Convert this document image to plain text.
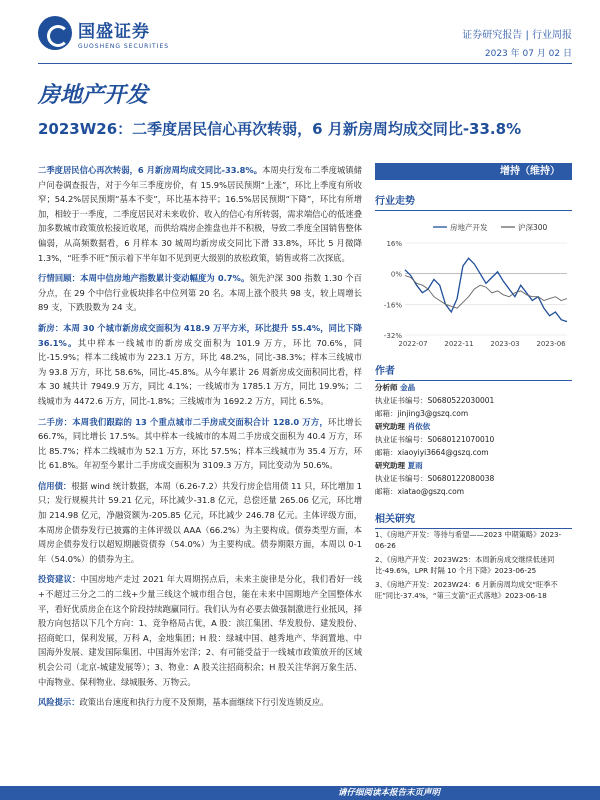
国盛证券
GUOSHENG SECURITIES
证券研究报告 | 行业周报
2023 年 07 月 02 日
房地产开发
2023W26：二季度居民信心再次转弱，6 月新房周均成交同比-33.8%

二季度居民信心再次转弱，6 月新房周均成交同比-33.8%。本周央行发布二季度城镇储户问卷调查报告，对于今年三季度房价，有 15.9%居民预期“上涨”，环比上季度有所收窄；54.2%居民预期“基本不变”，环比基本持平；16.5%居民预期“下降”，环比有所增加，相较于一季度，二季度居民对未来收价、收入的信心有所转弱，需求端信心的低迷叠加多数城市政策放松接近收尾，而供给端房企推盘也并不积极，导致二季度全国销售整体偏弱，从高频数据看，6 月样本 30 城周均新房成交同比下滑 33.8%，环比 5 月微降 1.3%，“旺季不旺”预示着下半年如不见到更大级别的放松政策，销售或将二次探底。

行情回顾：本周中信房地产指数累计变动幅度为 0.7%。领先沪深 300 指数 1.30 个百分点，在 29 个中信行业板块排名中位列第 20 名。本周上涨个股共 98 支，较上周增长 89 支，下跌股数为 24 支。

新房：本周 30 个城市新房成交面积为 418.9 万平方米，环比提升 55.4%，同比下降 36.1%。其中样本一线城市的新房成交面积为 101.9 万方，环比 70.6%，同比-15.9%；样本二线城市为 223.1 万方，环比 48.2%，同比-38.3%；样本三线城市为 93.8 万方，环比 58.6%，同比-45.8%。从今年累计 26 周新房成交面积同比看，样本 30 城共计 7949.9 万方，同比 4.1%；一线城市为 1785.1 万方，同比 19.9%；二线城市为 4472.6 万方，同比-1.8%；三线城市为 1692.2 万方，同比 6.5%。

二手房：本周我们跟踪的 13 个重点城市二手房成交面积合计 128.0 万方，环比增长 66.7%，同比增长 17.5%。其中样本一线城市的本周二手房成交面积为 40.4 万方，环比 85.7%；样本二线城市为 52.1 万方，环比 57.5%；样本三线城市为 35.4 万方，环比 61.8%。年初至今累计二手房成交面积为 3109.3 万方，同比变动为 50.6%。

信用债：根据 wind 统计数据，本周（6.26-7.2）共发行房企信用债 11 只，环比增加 1 只；发行规模共计 59.21 亿元，环比减少-31.8 亿元，总偿还量 265.06 亿元，环比增加 214.98 亿元，净融资额为-205.85 亿元，环比减少 246.78 亿元。主体评级方面，本周房企债券发行已披露的主体评级以 AAA（66.2%）为主要构成。债券类型方面，本周房企债券发行以超短期融资债券（54.0%）为主要构成。债券期限方面，本周以 0-1 年（54.0%）的债券为主。

投资建议：中国房地产走过 2021 年大周期拐点后，未来主旋律是分化，我们看好一线+不超过三分之二的二线+少量三线这个城市组合包，能在未来中国期地产全国整体水平，看好优质房企在这个阶段持续跑赢同行。我们认为有必要去做强制激进行业抵风，择股方向包括以下几个方向：1、竞争格局占优，A 股：滨江集团、华发股份、建发股份、招商蛇口，保利发展，万科 A，金地集团；H 股：绿城中国、越秀地产、华润置地、中国海外发展、建发国际集团、中国海外宏洋；2、有可能受益于一线城市政策放开的区域机会公司（北京-城建发展等）；3、物业：A 股关注招商积余；H 股关注华润万象生活、中海物业、保利物业、绿城服务、万物云。

风险提示：政策出台速度和执行力度不及预期，基本面继续下行引发连锁反应。

增持（维持）
行业走势
16%
0%
-16%
-32%
2022-07 2022-11 2023-03 2023-06
房地产开发	沪深300
作者
分析师 金晶
执业证书编号：S0680522030001
邮箱：jinjing3@gszq.com
研究助理 肖依依
执业证书编号：S0680121070010
邮箱：xiaoyiyi3664@gszq.com
研究助理 夏雨
执业证书编号：S0680122080038
邮箱：xiatao@gszq.com
相关研究
1、《房地产开发：等待与希望——2023 中期策略》2023-06-26
2、《房地产开发：2023W25：本周新房成交继续低迷同比-49.6%，LPR 时隔 10 个月下降》2023-06-25
3、《房地产开发：2023W24：6 月新房周均成交“旺季不旺”同比-37.4%，“第三支箭”正式落地》2023-06-18
请仔细阅读本报告末页声明
